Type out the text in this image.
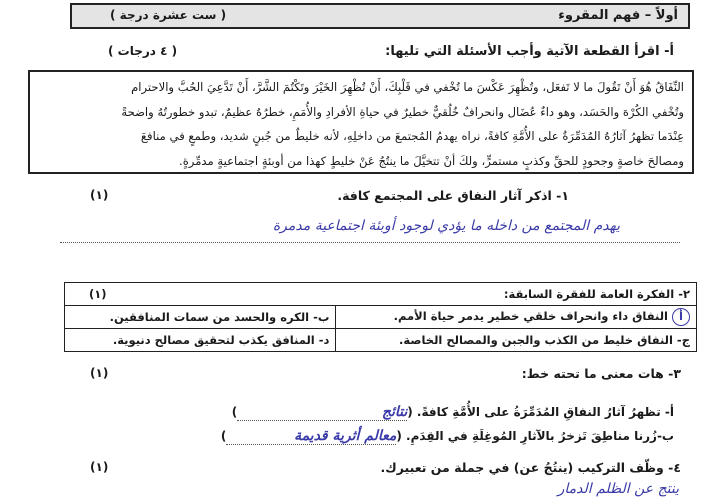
أولاً – فهم المقروء
( ست عشرة درجة )
أ- اقرأ القطعة الآتية وأجب الأسئلة التي تليها:
( ٤ درجات )

النِّفَاقُ هُوَ أَنْ تَقُولَ ما لا تَفعَل، وتُظْهِرَ عَكْسَ ما تُخْفي في قَلْبِكَ، أَنْ تُظْهِرَ الخَيْرَ وتَكْتُمَ الشَّرَّ، أَنْ تَدَّعِيَ الحُبَّ والاحترام

وتُخْفي الكُرْهَ والحَسَد، وهو داءٌ عُضَال وانحرافٌ خُلُقيٌّ خطيرٌ في حياةِ الأفرادِ والأُمَمِ، خطرُهُ عظيمٌ، تبدو خطورتُهُ واضحةً

عِنْدَما تظهرُ آثارُهُ المُدَمِّرَةُ على الأُمَّةِ كافةً، نراه يهدمُ المُجتمعَ من داخلِهِ، لأنه خليطٌ من جُبنٍ شديد، وطمعٍ في منافعَ

ومصالحَ خاصةٍ وجحودٍ للحقِّ وكذبٍ مستمرٍّ، ولكَ أنْ تتخيَّلَ ما ينتُجُ عَنْ خليطٍ كهذا من أوبئةٍ اجتماعيةٍ مدمِّرةٍ.

١- اذكر آثار النفاق على المجتمع كافة.
(١)
يهدم المجتمع من داخله ما يؤدي لوجود أوبئة اجتماعية مدمرة
٢- الفكرة العامة للفقرة السابقة:
(١)	

أ النفاق داء وانحراف خلقي خطير يدمر حياة الأمم.	ب- الكره والحسد من سمات المنافقين.
ج- النفاق خليط من الكذب والجبن والمصالح الخاصة.	د- المنافق يكذب لتحقيق مصالح دنيوية.
٣- هات معنى ما تحته خط:
(١)
أ- تظهرُ آثارُ النفاقِ المُدَمِّرَةُ على الأُمَّةِ كافةً. (نتائج)
ب-زُرنا مناطِقَ تَزخرُ بالآثارِ المُوغِلَةِ في القِدَمِ. (معالم أثرية قديمة)
٤- وظّف التركيب (ينتُجُ عن) في جملة من تعبيرك.
(١)
ينتج عن الظلم الدمار
